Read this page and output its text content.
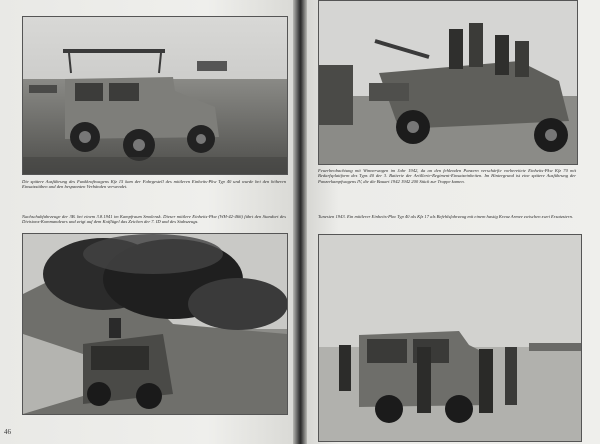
Die spätere Ausführung des Funkkraftwagens Kfz 15 kam der Fahrgestell des mittleren Einheits-Pkw Typ 40 und wurde bei den höheren Einsatzstäben und den bespannten Verbänden verwendet.

Nachschubfahrzeuge der 3B. bei einem 3.8.1941 im Kampfraum Smolensk. Dieser mittlere Einheits-Pkw (WH-42-466) führt den Standort des Divisions-Kommandeurs und zeigt auf dem Kotflügel das Zeichen der 7. ID und des Stabszeugs.

46

Feuerbeobachtung mit Winnerwagen im Jahr 1942, da an den fehlenden Panzern verschärfte vorbereitete Einheits-Pkw Kfz 70 mit Bedarfsplattform des Typs 40 der 3. Batterie der Artillerie-Regiment-Einsatzeinheiten. Im Hintergrund ist eine spätere Ausführung der Panzerkampfwagens IV, die die Bauart 1942 1942 200 Stück zur Truppe kamen.

Tunesien 1943. Ein mittlerer Einheits-Pkw Typ 40 als Kfz 17 als Befehlsfahrzeug mit einem hastig Kreuz Armee zwischen zwei Ersatzstern.
